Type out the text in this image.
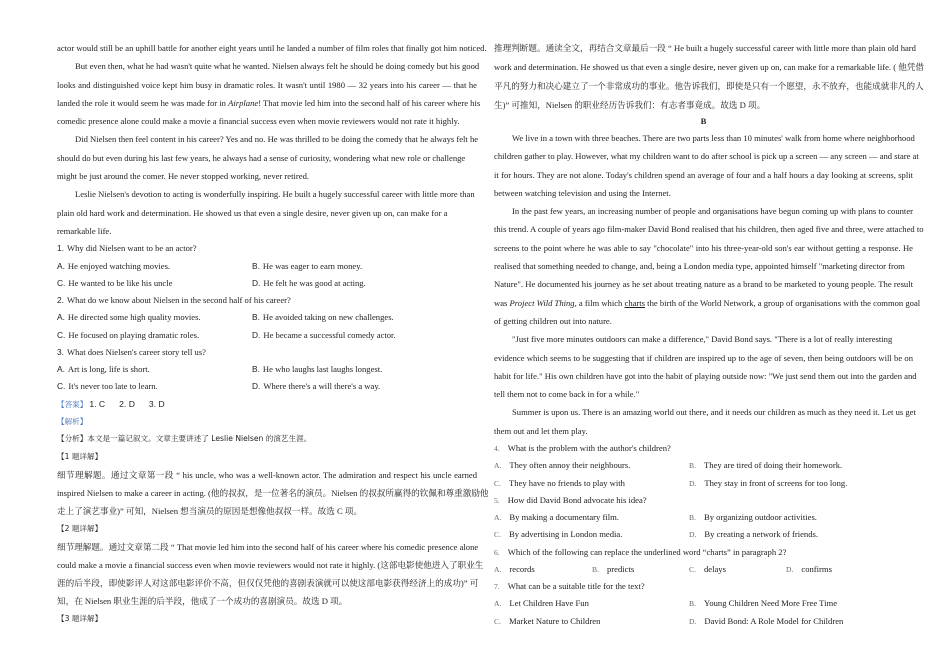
actor would still be an uphill battle for another eight years until he landed a number of film roles that finally got him noticed.
But even then, what he had wasn't quite what he wanted. Nielsen always felt he should be doing comedy but his good
looks and distinguished voice kept him busy in dramatic roles. It wasn't until 1980 — 32 years into his career — that he
landed the role it would seem he was made for in Airplane! That movie led him into the second half of his career where his
comedic presence alone could make a movie a financial success even when movie reviewers would not rate it highly.
Did Nielsen then feel content in his career? Yes and no. He was thrilled to be doing the comedy that he always felt he
should do but even during his last few years, he always had a sense of curiosity, wondering what new role or challenge
might be just around the comer. He never stopped working, never retired.
Leslie Nielsen's devotion to acting is wonderfully inspiring. He built a hugely successful career with little more than
plain old hard work and determination. He showed us that even a single desire, never given up on, can make for a
remarkable life.
1. Why did Nielsen want to be an actor?
A. He enjoyed watching movies.	B. He was eager to earn money.
C. He wanted to be like his uncle	D. He felt he was good at acting.
2. What do we know about Nielsen in the second half of his career?
A. He directed some high quality movies.	B. He avoided taking on new challenges.
C. He focused on playing dramatic roles.	D. He became a successful comedy actor.
3. What does Nielsen's career story tell us?
A. Art is long, life is short.	B. He who laughs last laughs longest.
C. It's never too late to learn.	D. Where there's a will there's a way.
【答案】 1. C 2. D 3. D
【解析】
【分析】本文是一篇记叙文。文章主要讲述了 Leslie Nielsen 的演艺生涯。
【1 题详解】
细节理解题。通过文章第一段 “ his uncle, who was a well-known actor. The admiration and respect his uncle earned
inspired Nielsen to make a career in acting. (他的叔叔，是一位著名的演员。Nielsen 的叔叔所赢得的钦佩和尊重激励他
走上了演艺事业)” 可知，Nielsen 想当演员的原因是想像他叔叔一样。故选 C 项。
【2 题详解】
细节理解题。通过文章第二段 “ That movie led him into the second half of his career where his comedic presence alone
could make a movie a financial success even when movie reviewers would not rate it highly. (这部电影使他进入了职业生
涯的后半段，即使影评人对这部电影评价不高，但仅仅凭他的喜剧表演就可以使这部电影获得经济上的成功)” 可
知，在 Nielsen 职业生涯的后半段，他成了一个成功的喜剧演员。故选 D 项。
【3 题详解】
推理判断题。通读全文，再结合文章最后一段 “ He built a hugely successful career with little more than plain old hard
work and determination. He showed us that even a single desire, never given up on, can make for a remarkable life. ( 他凭借
平凡的努力和决心建立了一个非常成功的事业。他告诉我们，即使是只有一个愿望，永不放弃，也能成就非凡的人
生)” 可推知，Nielsen 的职业经历告诉我们：有志者事竟成。故选 D 项。
B
We live in a town with three beaches. There are two parts less than 10 minutes' walk from home where neighborhood
children gather to play. However, what my children want to do after school is pick up a screen — any screen — and stare at
it for hours. They are not alone. Today's children spend an average of four and a half hours a day looking at screens, split
between watching television and using the Internet.
In the past few years, an increasing number of people and organisations have begun coming up with plans to counter
this trend. A couple of years ago film-maker David Bond realised that his children, then aged five and three, were attached to
screens to the point where he was able to say "chocolate" into his three-year-old son's ear without getting a response. He
realised that something needed to change, and, being a London media type, appointed himself "marketing director from
Nature". He documented his journey as he set about treating nature as a brand to be marketed to young people. The result
was Project Wild Thing, a film which charts the birth of the World Network, a group of organisations with the common goal
of getting children out into nature.
"Just five more minutes outdoors can make a difference," David Bond says. "There is a lot of really interesting
evidence which seems to be suggesting that if children are inspired up to the age of seven, then being outdoors will be on
habit for life." His own children have got into the habit of playing outside now: "We just send them out into the garden and
tell them not to come back in for a while."
Summer is upon us. There is an amazing world out there, and it needs our children as much as they need it. Let us get
them out and let them play.
4. What is the problem with the author's children?
A. They often annoy their neighbours.	B. They are tired of doing their homework.
C. They have no friends to play with	D. They stay in front of screens for too long.
5. How did David Bond advocate his idea?
A. By making a documentary film.	B. By organizing outdoor activities.
C. By advertising in London media.	D. By creating a network of friends.
6. Which of the following can replace the underlined word “charts” in paragraph 2?
A. records	B. predicts	C. delays	D. confirms
7. What can be a suitable title for the text?
A. Let Children Have Fun	B. Young Children Need More Free Time
C. Market Nature to Children	D. David Bond: A Role Model for Children
